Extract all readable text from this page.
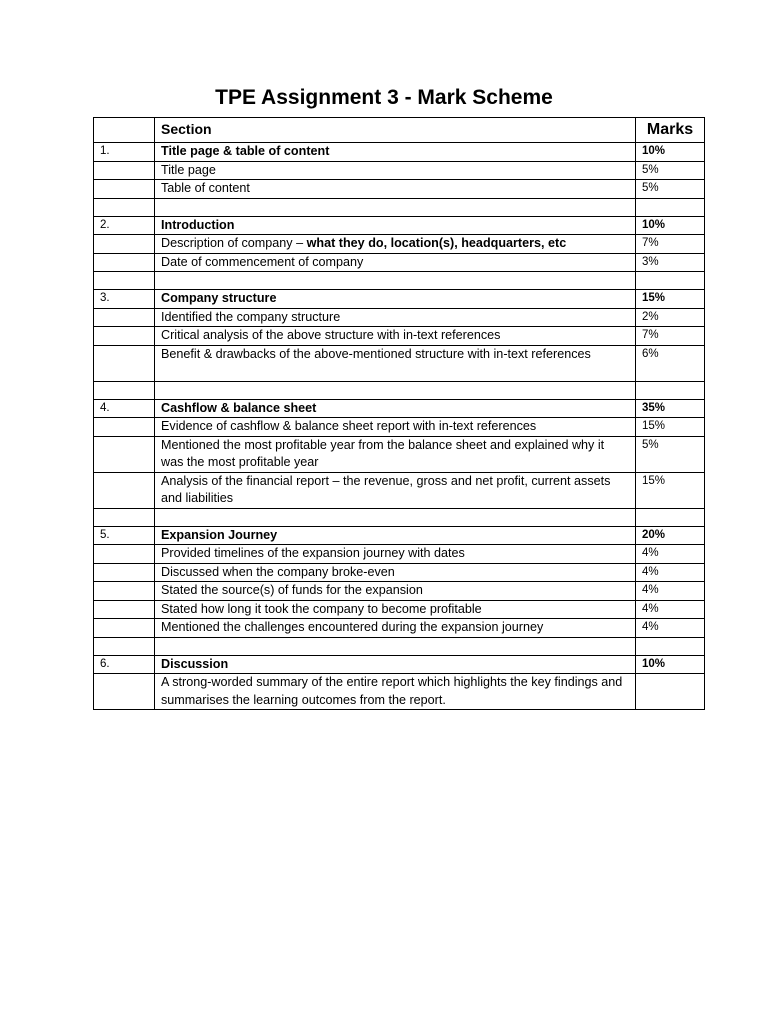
TPE Assignment 3 - Mark Scheme
	Section	Marks
1.	Title page & table of content	10%
	Title page	5%
	Table of content	5%

2.	Introduction	10%
	Description of company – what they do, location(s), headquarters, etc	7%
	Date of commencement of company	3%

3.	Company structure	15%
	Identified the company structure	2%
	Critical analysis of the above structure with in-text references	7%
	Benefit & drawbacks of the above-mentioned structure with in-text references	6%

4.	Cashflow & balance sheet	35%
	Evidence of cashflow & balance sheet report with in-text references	15%
	Mentioned the most profitable year from the balance sheet and explained why it was the most profitable year	5%
	Analysis of the financial report – the revenue, gross and net profit, current assets and liabilities	15%

5.	Expansion Journey	20%
	Provided timelines of the expansion journey with dates	4%
	Discussed when the company broke-even	4%
	Stated the source(s) of funds for the expansion	4%
	Stated how long it took the company to become profitable	4%
	Mentioned the challenges encountered during the expansion journey	4%

6.	Discussion	10%
	A strong-worded summary of the entire report which highlights the key findings and summarises the learning outcomes from the report.	
